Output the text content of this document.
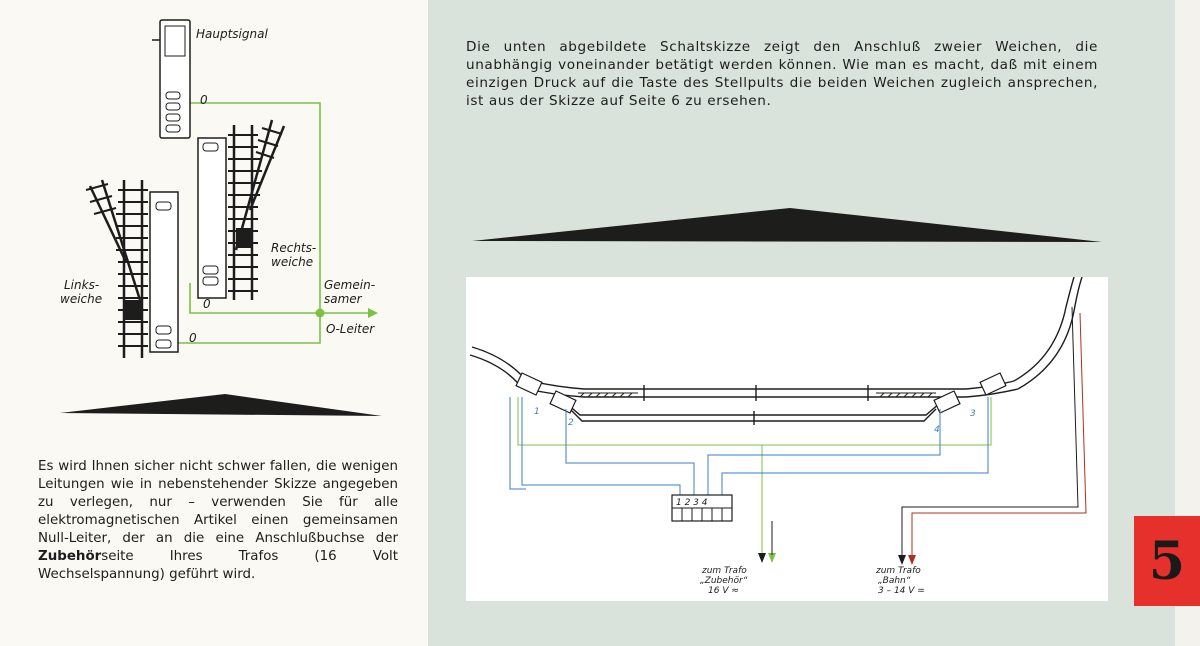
Hauptsignal
Rechts-
weiche
Links-
weiche
Gemein-
samer
O-Leiter
0
0
0

Es wird Ihnen sicher nicht schwer fallen, die wenigen Leitungen wie in nebenstehender Skizze angegeben zu verlegen, nur – verwenden Sie für alle elektromagnetischen Artikel einen gemeinsamen Null-Leiter, der an die eine Anschlußbuchse der Zubehörseite Ihres Trafos (16 Volt Wechselspannung) geführt wird.

Die unten abgebildete Schaltskizze zeigt den Anschluß zweier Weichen, die unabhängig voneinander betätigt werden können. Wie man es macht, daß mit einem einzigen Druck auf die Taste des Stellpults die beiden Weichen zugleich ansprechen, ist aus der Skizze auf Seite 6 zu ersehen.

1 2 3 4
1
2
4
3
zum Trafo
„Zubehör“
16 V ≈
zum Trafo
„Bahn“
3 – 14 V =	5
